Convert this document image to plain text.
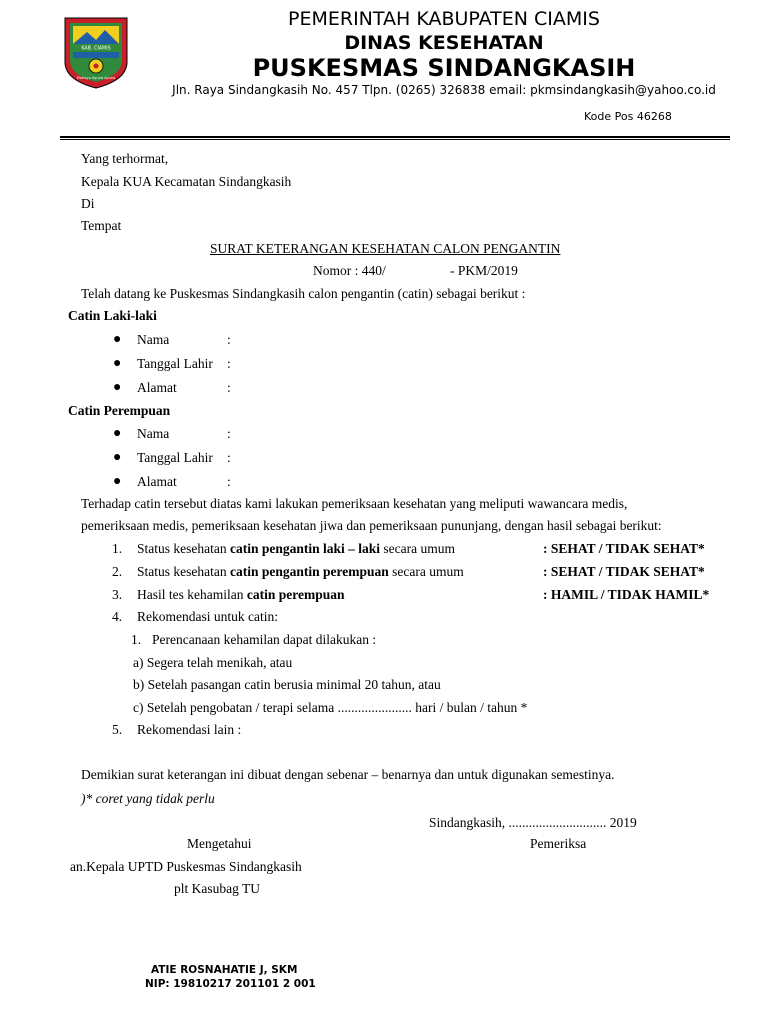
KAB. CIAMIS
Mahayu Ayuna Ayuna
PEMERINTAH KABUPATEN CIAMIS
DINAS KESEHATAN
PUSKESMAS SINDANGKASIH
Jln. Raya Sindangkasih No. 457 Tlpn. (0265) 326838 email: pkmsindangkasih@yahoo.co.id
Kode Pos 46268
Yang terhormat,
Kepala KUA Kecamatan Sindangkasih
Di
Tempat
SURAT KETERANGAN KESEHATAN CALON PENGANTIN
Nomor : 440/	- PKM/2019
Telah datang ke Puskesmas Sindangkasih calon pengantin (catin) sebagai berikut :
Catin Laki-laki
● Nama	:
● Tanggal Lahir :
● Alamat	:
Catin Perempuan
● Nama	:
● Tanggal Lahir :
● Alamat	:
Terhadap catin tersebut diatas kami lakukan pemeriksaan kesehatan yang meliputi wawancara medis,
pemeriksaan medis, pemeriksaan kesehatan jiwa dan pemeriksaan pununjang, dengan hasil sebagai berikut:
1. Status kesehatan catin pengantin laki – laki secara umum	: SEHAT / TIDAK SEHAT*
2. Status kesehatan catin pengantin perempuan secara umum	: SEHAT / TIDAK SEHAT*
3. Hasil tes kehamilan catin perempuan	: HAMIL / TIDAK HAMIL*
4. Rekomendasi untuk catin:
1. Perencanaan kehamilan dapat dilakukan :
a) Segera telah menikah, atau
b) Setelah pasangan catin berusia minimal 20 tahun, atau
c) Setelah pengobatan / terapi selama ...................... hari / bulan / tahun *
5. Rekomendasi lain :
Demikian surat keterangan ini dibuat dengan sebenar – benarnya dan untuk digunakan semestinya.
)* coret yang tidak perlu
Sindangkasih, ............................. 2019
Mengetahui	Pemeriksa
an.Kepala UPTD Puskesmas Sindangkasih
plt Kasubag TU
ATIE ROSNAHATIE J, SKM
NIP: 19810217 201101 2 001
